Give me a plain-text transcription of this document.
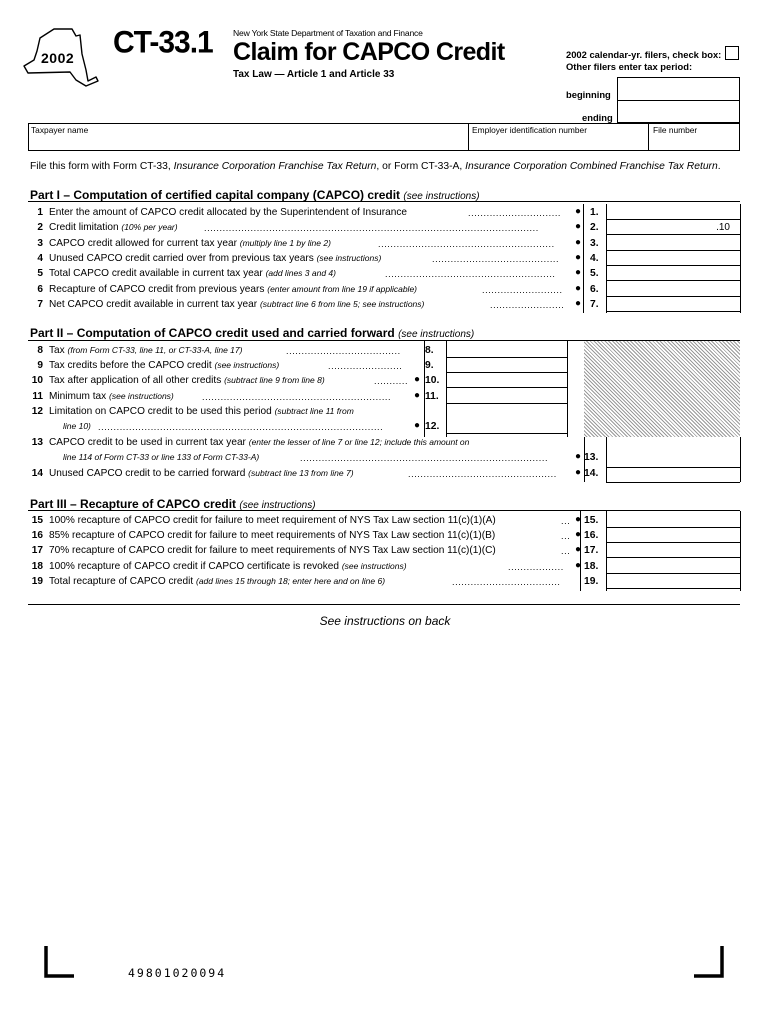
2002 CT-33.1 New York State Department of Taxation and Finance
Claim for CAPCO Credit
Tax Law — Article 1 and Article 33
2002 calendar-yr. filers, check box:
Other filers enter tax period:
beginning
ending
Taxpayer name	Employer identification number	File number
File this form with Form CT-33, Insurance Corporation Franchise Tax Return, or Form CT-33-A, Insurance Corporation Combined Franchise Tax Return.
Part I – Computation of certified capital company (CAPCO) credit (see instructions)
1 Enter the amount of CAPCO credit allocated by the Superintendent of Insurance	..............................	● 1.
2 Credit limitation (10% per year)	............................................................................................................	● 2.	.10
3 CAPCO credit allowed for current tax year (multiply line 1 by line 2)	.........................................................	● 3.
4 Unused CAPCO credit carried over from previous tax years (see instructions)	.........................................	● 4.
5 Total CAPCO credit available in current tax year (add lines 3 and 4)	.......................................................	● 5.
6 Recapture of CAPCO credit from previous years (enter amount from line 19 if applicable)	..........................	● 6.
7 Net CAPCO credit available in current tax year (subtract line 6 from line 5; see instructions)	........................	● 7.
Part II – Computation of CAPCO credit used and carried forward (see instructions)
8 Tax (from Form CT-33, line 11, or CT-33-A, line 17)	.....................................	8.
9 Tax credits before the CAPCO credit (see instructions)	........................	9.
10 Tax after application of all other credits (subtract line 9 from line 8)	........... ● 10.
11 Minimum tax (see instructions)	.............................................................	● 11.
12 Limitation on CAPCO credit to be used this period (subtract line 11 from
line 10) ............................................................................................	● 12.
13 CAPCO credit to be used in current tax year (enter the lesser of line 7 or line 12; include this amount on
line 114 of Form CT-33 or line 133 of Form CT-33-A)	................................................................................	● 13.
14 Unused CAPCO credit to be carried forward (subtract line 13 from line 7)	................................................	● 14.
Part III – Recapture of CAPCO credit (see instructions)
15 100% recapture of CAPCO credit for failure to meet requirement of NYS Tax Law section 11(c)(1)(A)	... ● 15.
16 85% recapture of CAPCO credit for failure to meet requirements of NYS Tax Law section 11(c)(1)(B)	... ● 16.
17 70% recapture of CAPCO credit for failure to meet requirements of NYS Tax Law section 11(c)(1)(C)	... ● 17.
18 100% recapture of CAPCO credit if CAPCO certificate is revoked (see instructions)	..................	● 18.
19 Total recapture of CAPCO credit (add lines 15 through 18; enter here and on line 6)	...................................	19.
See instructions on back
49801020094
